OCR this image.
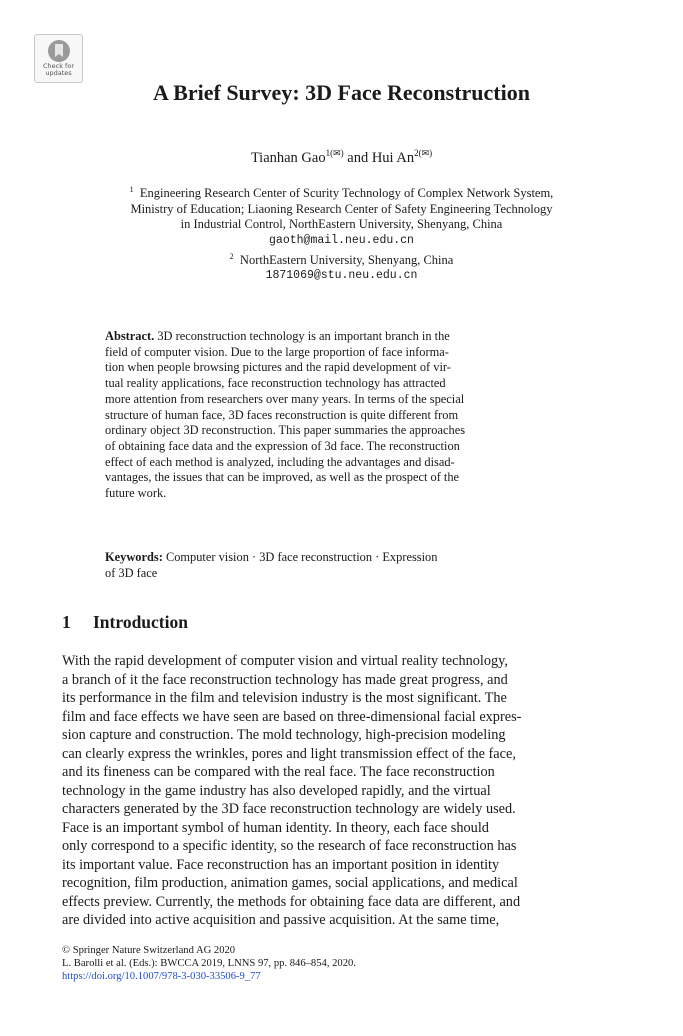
Check for
updates
A Brief Survey: 3D Face Reconstruction
Tianhan Gao$^{1(✉)}$ and Hui $An^{2(✉)}$
$^1$ Engineering Research Center of Scurity Technology of Complex Network System,
Ministry of Education; Liaoning Research Center of Safety Engineering Technology
in Industrial Control, NorthEastern University, Shenyang, China
gaoth@mail.neu.edu.cn
$^2$ NorthEastern University, Shenyang, China
1871069@stu.neu.edu.cn
Abstract. 3D reconstruction technology is an important branch in the
field of computer vision. Due to the large proportion of face informa-
tion when people browsing pictures and the rapid development of vir-
tual reality applications, face reconstruction technology has attracted
more attention from researchers over many years. In terms of the special
structure of human face, 3D faces reconstruction is quite different from
ordinary object 3D reconstruction. This paper summaries the approaches
of obtaining face data and the expression of 3d face. The reconstruction
effect of each method is analyzed, including the advantages and disad-
vantages, the issues that can be improved, as well as the prospect of the
future work.
Keywords: Computer vision · 3D face reconstruction · Expression
of 3D face
1 Introduction
With the rapid development of computer vision and virtual reality technology,
a branch of it the face reconstruction technology has made great progress, and
its performance in the film and television industry is the most significant. The
film and face effects we have seen are based on three-dimensional facial expres-
sion capture and construction. The mold technology, high-precision modeling
can clearly express the wrinkles, pores and light transmission effect of the face,
and its fineness can be compared with the real face. The face reconstruction
technology in the game industry has also developed rapidly, and the virtual
characters generated by the 3D face reconstruction technology are widely used.
Face is an important symbol of human identity. In theory, each face should
only correspond to a specific identity, so the research of face reconstruction has
its important value. Face reconstruction has an important position in identity
recognition, film production, animation games, social applications, and medical
effects preview. Currently, the methods for obtaining face data are different, and
are divided into active acquisition and passive acquisition. At the same time,
© Springer Nature Switzerland AG 2020
L. Barolli et al. (Eds.): BWCCA 2019, LNNS 97, pp. 846–854, 2020.
https://doi.org/10.1007/978-3-030-33506-9_77
